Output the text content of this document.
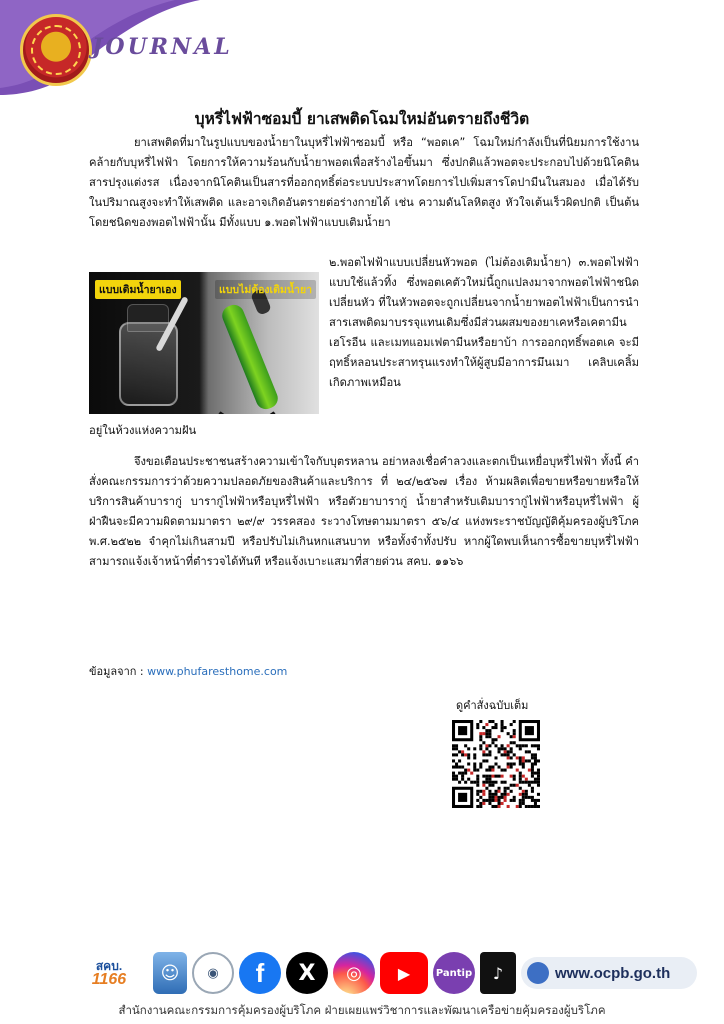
JOURNAL
บุหรี่ไฟฟ้าซอมบี้ ยาเสพติดโฉมใหม่อันตรายถึงชีวิต

ยาเสพติดที่มาในรูปแบบของน้ำยาในบุหรี่ไฟฟ้าซอมบี้ หรือ “พอตเค” โฉมใหม่กำลังเป็นที่นิยมการใช้งานคล้ายกับบุหรี่ไฟฟ้า โดยการให้ความร้อนกับน้ำยาพอตเพื่อสร้างไอขึ้นมา ซึ่งปกติแล้วพอตจะประกอบไปด้วยนิโคติน สารปรุงแต่งรส เนื่องจากนิโคตินเป็นสารที่ออกฤทธิ์ต่อระบบประสาทโดยการไปเพิ่มสารโดปามีนในสมอง เมื่อได้รับในปริมาณสูงจะทำให้เสพติด และอาจเกิดอันตรายต่อร่างกายได้ เช่น ความดันโลหิตสูง หัวใจเต้นเร็วผิดปกติ เป็นต้น โดยชนิดของพอตไฟฟ้านั้น มีทั้งแบบ ๑.พอตไฟฟ้าแบบเติมน้ำยา

แบบเติมน้ำยาเอง	แบบไม่ต้องเติมน้ำยา

๒.พอตไฟฟ้าแบบเปลี่ยนหัวพอต (ไม่ต้องเติมน้ำยา) ๓.พอตไฟฟ้าแบบใช้แล้วทิ้ง ซึ่งพอตเคตัวใหม่นี้ถูกแปลงมาจากพอตไฟฟ้าชนิดเปลี่ยนหัว ที่ในหัวพอตจะถูกเปลี่ยนจากน้ำยาพอตไฟฟ้าเป็นการนำสารเสพติดมาบรรจุแทนเดิมซึ่งมีส่วนผสมของยาเคหรือเคตามีนเฮโรอีน และเมทแอมเฟตามีนหรือยาบ้า การออกฤทธิ์พอตเค จะมีฤทธิ์หลอนประสาทรุนแรงทำให้ผู้สูบมีอาการมึนเมา เคลิบเคลิ้ม เกิดภาพเหมือน

อยู่ในห้วงแห่งความฝัน

จึงขอเตือนประชาชนสร้างความเข้าใจกับบุตรหลาน อย่าหลงเชื่อคำลวงและตกเป็นเหยื่อบุหรี่ไฟฟ้า ทั้งนี้ คำสั่งคณะกรรมการว่าด้วยความปลอดภัยของสินค้าและบริการ ที่ ๒๔/๒๕๖๗ เรื่อง ห้ามผลิตเพื่อขายหรือขายหรือให้บริการสินค้าบารากู่ บารากู่ไฟฟ้าหรือบุหรี่ไฟฟ้า หรือตัวยาบารากู่ น้ำยาสำหรับเติมบารากู่ไฟฟ้าหรือบุหรี่ไฟฟ้า ผู้ฝ่าฝืนจะมีความผิดตามมาตรา ๒๙/๙ วรรคสอง ระวางโทษตามมาตรา ๕๖/๔ แห่งพระราชบัญญัติคุ้มครองผู้บริโภค พ.ศ.๒๕๒๒ จำคุกไม่เกินสามปี หรือปรับไม่เกินหกแสนบาท หรือทั้งจำทั้งปรับ หากผู้ใดพบเห็นการซื้อขายบุหรี่ไฟฟ้า สามารถแจ้งเจ้าหน้าที่ตำรวจได้ทันที หรือแจ้งเบาะแสมาที่สายด่วน สคบ. ๑๑๖๖

ข้อมูลจาก : www.phufaresthome.com
ดูคำสั่งฉบับเต็ม
สคบ.
1166	☺	◉	f	X	◎	▶	Pantip	♪	www.ocpb.go.th
สำนักงานคณะกรรมการคุ้มครองผู้บริโภค ฝ่ายเผยแพร่วิชาการและพัฒนาเครือข่ายคุ้มครองผู้บริโภค
